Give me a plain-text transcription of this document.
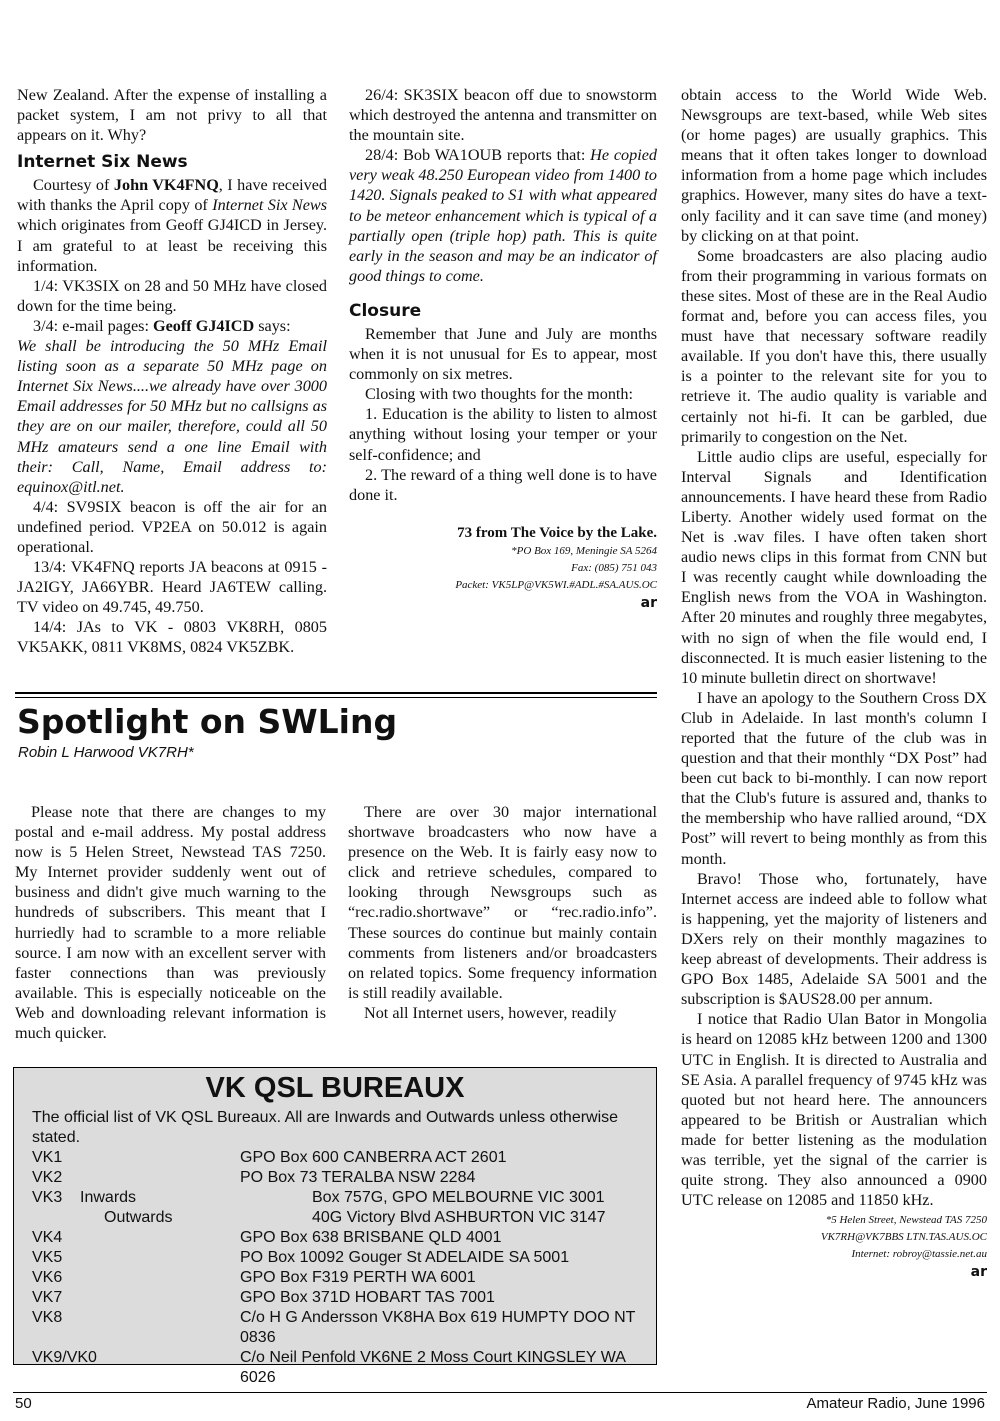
New Zealand. After the expense of installing a packet system, I am not privy to all that appears on it. Why?

Internet Six News

Courtesy of John VK4FNQ, I have received with thanks the April copy of Internet Six News which originates from Geoff GJ4ICD in Jersey. I am grateful to at least be receiving this information.

1/4: VK3SIX on 28 and 50 MHz have closed down for the time being.

3/4: e-mail pages: Geoff GJ4ICD says:

We shall be introducing the 50 MHz Email listing soon as a separate 50 MHz page on Internet Six News....we already have over 3000 Email addresses for 50 MHz but no callsigns as they are on our mailer, therefore, could all 50 MHz amateurs send a one line Email with their: Call, Name, Email address to: equinox@itl.net.

4/4: SV9SIX beacon is off the air for an undefined period. VP2EA on 50.012 is again operational.

13/4: VK4FNQ reports JA beacons at 0915 - JA2IGY, JA66YBR. Heard JA6TEW calling. TV video on 49.745, 49.750.

14/4: JAs to VK - 0803 VK8RH, 0805 VK5AKK, 0811 VK8MS, 0824 VK5ZBK.

26/4: SK3SIX beacon off due to snowstorm which destroyed the antenna and transmitter on the mountain site.

28/4: Bob WA1OUB reports that: He copied very weak 48.250 European video from 1400 to 1420. Signals peaked to S1 with what appeared to be meteor enhancement which is typical of a partially open (triple hop) path. This is quite early in the season and may be an indicator of good things to come.

Closure

Remember that June and July are months when it is not unusual for Es to appear, most commonly on six metres.

Closing with two thoughts for the month:

1. Education is the ability to listen to almost anything without losing your temper or your self-confidence; and

2. The reward of a thing well done is to have done it.

73 from The Voice by the Lake.
*PO Box 169, Meningie SA 5264
Fax: (085) 751 043
Packet: VK5LP@VK5WI.#ADL.#SA.AUS.OC
ar
Spotlight on SWLing
Robin L Harwood VK7RH*

Please note that there are changes to my postal and e-mail address. My postal address now is 5 Helen Street, Newstead TAS 7250. My Internet provider suddenly went out of business and didn't give much warning to the hundreds of subscribers. This meant that I hurriedly had to scramble to a more reliable source. I am now with an excellent server with faster connections than was previously available. This is especially noticeable on the Web and downloading relevant information is much quicker.

There are over 30 major international shortwave broadcasters who now have a presence on the Web. It is fairly easy now to click and retrieve schedules, compared to looking through Newsgroups such as “rec.radio.shortwave” or “rec.radio.info”. These sources do continue but mainly contain comments from listeners and/or broadcasters on related topics. Some frequency information is still readily available.

Not all Internet users, however, readily

obtain access to the World Wide Web. Newsgroups are text-based, while Web sites (or home pages) are usually graphics. This means that it often takes longer to download information from a home page which includes graphics. However, many sites do have a text-only facility and it can save time (and money) by clicking on at that point.

Some broadcasters are also placing audio from their programming in various formats on these sites. Most of these are in the Real Audio format and, before you can access files, you must have that necessary software readily available. If you don't have this, there usually is a pointer to the relevant site for you to retrieve it. The audio quality is variable and certainly not hi-fi. It can be garbled, due primarily to congestion on the Net.

Little audio clips are useful, especially for Interval Signals and Identification announcements. I have heard these from Radio Liberty. Another widely used format on the Net is .wav files. I have often taken short audio news clips in this format from CNN but I was recently caught while downloading the English news from the VOA in Washington. After 20 minutes and roughly three megabytes, with no sign of when the file would end, I disconnected. It is much easier listening to the 10 minute bulletin direct on shortwave!

I have an apology to the Southern Cross DX Club in Adelaide. In last month's column I reported that the future of the club was in question and that their monthly “DX Post” had been cut back to bi-monthly. I can now report that the Club's future is assured and, thanks to the membership who have rallied around, “DX Post” will revert to being monthly as from this month.

Bravo! Those who, fortunately, have Internet access are indeed able to follow what is happening, yet the majority of listeners and DXers rely on their monthly magazines to keep abreast of developments. Their address is GPO Box 1485, Adelaide SA 5001 and the subscription is $AUS28.00 per annum.

I notice that Radio Ulan Bator in Mongolia is heard on 12085 kHz between 1200 and 1300 UTC in English. It is directed to Australia and SE Asia. A parallel frequency of 9745 kHz was quoted but not heard here. The announcers appeared to be British or Australian which made for better listening as the modulation was terrible, yet the signal of the carrier is quite strong. They also announced a 0900 UTC release on 12085 and 11850 kHz.

*5 Helen Street, Newstead TAS 7250
VK7RH@VK7BBS LTN.TAS.AUS.OC
Internet: robroy@tassie.net.au
ar
VK QSL BUREAUX

The official list of VK QSL Bureaux. All are Inwards and Outwards unless otherwise stated.

VK1	GPO Box 600 CANBERRA ACT 2601
VK2	PO Box 73 TERALBA NSW 2284
VK3 Inwards	Box 757G, GPO MELBOURNE VIC 3001
Outwards	40G Victory Blvd ASHBURTON VIC 3147
VK4	GPO Box 638 BRISBANE QLD 4001
VK5	PO Box 10092 Gouger St ADELAIDE SA 5001
VK6	GPO Box F319 PERTH WA 6001
VK7	GPO Box 371D HOBART TAS 7001
VK8	C/o H G Andersson VK8HA Box 619 HUMPTY DOO NT 0836
VK9/VK0	C/o Neil Penfold VK6NE 2 Moss Court KINGSLEY WA 6026
50	Amateur Radio, June 1996
